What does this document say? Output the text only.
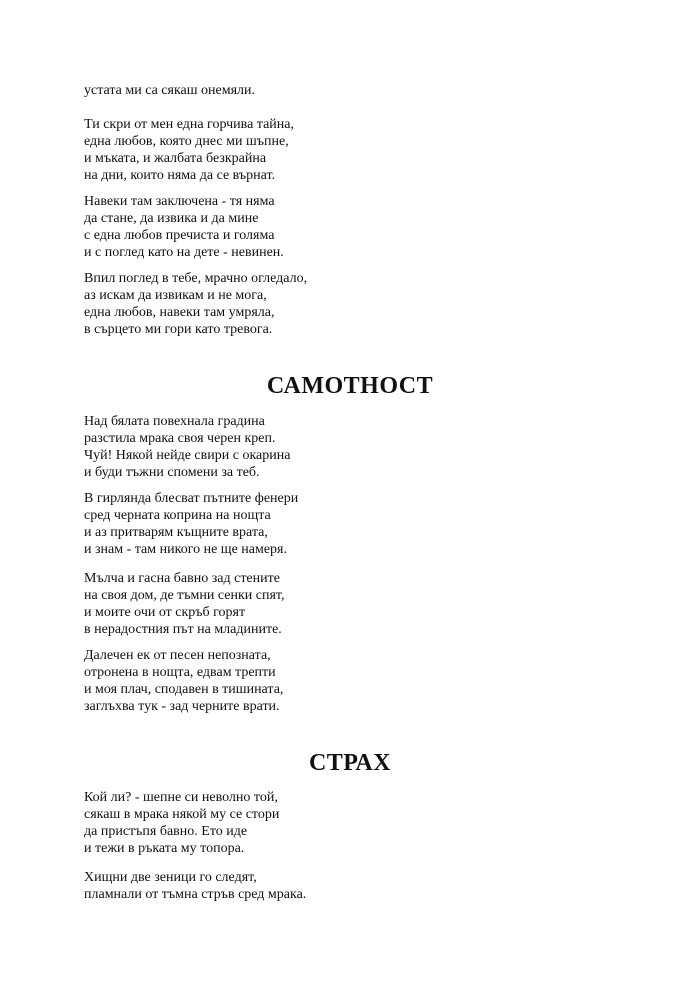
устата ми са сякаш онемяли.
Ти скри от мен една горчива тайна,
една любов, която днес ми шъпне,
и мъката, и жалбата безкрайна
на дни, които няма да се върнат.
Навеки там заключена - тя няма
да стане, да извика и да мине
с една любов пречиста и голяма
и с поглед като на дете - невинен.
Впил поглед в тебе, мрачно огледало,
аз искам да извикам и не мога,
една любов, навеки там умряла,
в сърцето ми гори като тревога.
САМОТНОСТ
Над бялата повехнала градина
разстила мрака своя черен креп.
Чуй! Някой нейде свири с окарина
и буди тъжни спомени за теб.
В гирлянда блесват пътните фенери
сред черната коприна на нощта
и аз притварям къщните врата,
и знам - там никого не ще намеря.
Мълча и гасна бавно зад стените
на своя дом, де тъмни сенки спят,
и моите очи от скръб горят
в нерадостния път на младините.
Далечен ек от песен непозната,
отронена в нощта, едвам трепти
и моя плач, сподавен в тишината,
заглъхва тук - зад черните врати.
СТРАХ
Кой ли? - шепне си неволно той,
сякаш в мрака някой му се стори
да пристъпя бавно. Ето иде
и тежи в ръката му топора.
Хищни две зеници го следят,
пламнали от тъмна стръв сред мрака.
